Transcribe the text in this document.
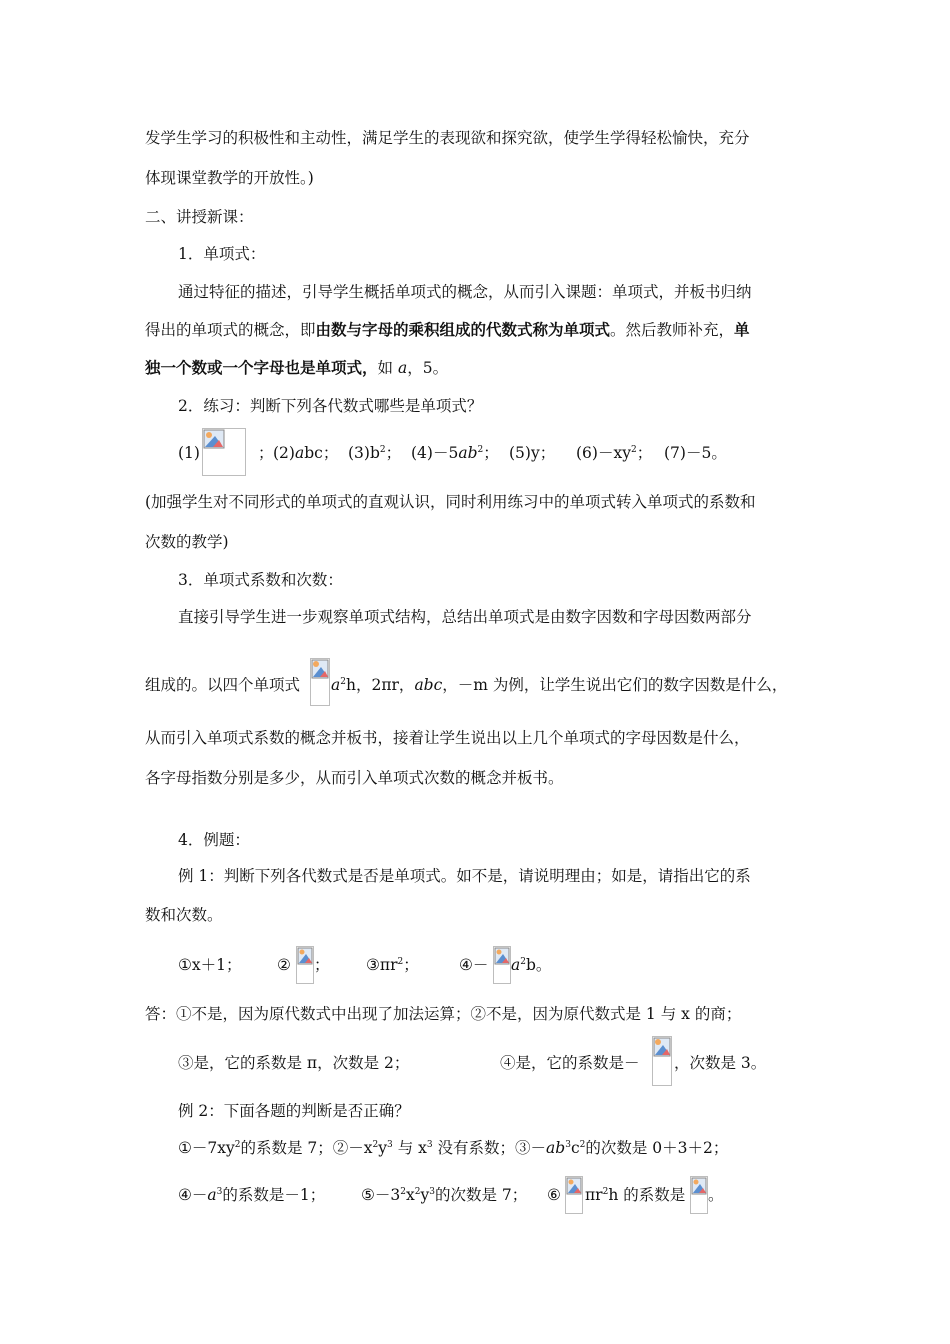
发学生学习的积极性和主动性，满足学生的表现欲和探究欲，使学生学得轻松愉快，充分
体现课堂教学的开放性。)
二、讲授新课：
1．单项式：
通过特征的描述，引导学生概括单项式的概念，从而引入课题：单项式，并板书归纳
得出的单项式的概念，即由数与字母的乘积组成的代数式称为单项式。然后教师补充，单
独一个数或一个字母也是单项式，如 a，5。
2．练习：判断下列各代数式哪些是单项式？
(1)	； (2)abc； $(3)b^2$； $(4)-5ab^2$； (5)y； $(6)-xy^2$； (7)－5。
(加强学生对不同形式的单项式的直观认识，同时利用练习中的单项式转入单项式的系数和
次数的教学)
3．单项式系数和次数：
直接引导学生进一步观察单项式结构，总结出单项式是由数字因数和字母因数两部分
组成的。以四个单项式 $a^2h$，2πr，abc，－m 为例，让学生说出它们的数字因数是什么，
从而引入单项式系数的概念并板书，接着让学生说出以上几个单项式的字母因数是什么，
各字母指数分别是多少，从而引入单项式次数的概念并板书。
4．例题：
例 1：判断下列各代数式是否是单项式。如不是，请说明理由；如是，请指出它的系
数和次数。
①x＋1； ② ； $③\pi r^2$；	④－ $a^2b$。
答：①不是，因为原代数式中出现了加法运算；②不是，因为原代数式是 1 与 x 的商；
③是，它的系数是 π，次数是 2；	④是，它的系数是－ ，次数是 3。
例 2：下面各题的判断是否正确？
$①-7xy^2$的系数是 7；$②-x^2y^3$ 与 $x^3$ 没有系数；$③-ab^3c^2$的次数是 0＋3＋2；
$④-a^3$的系数是－1； $⑤-3^2x^2y^3$的次数是 7； ⑥ $\pi r^2h$ 的系数是 。
